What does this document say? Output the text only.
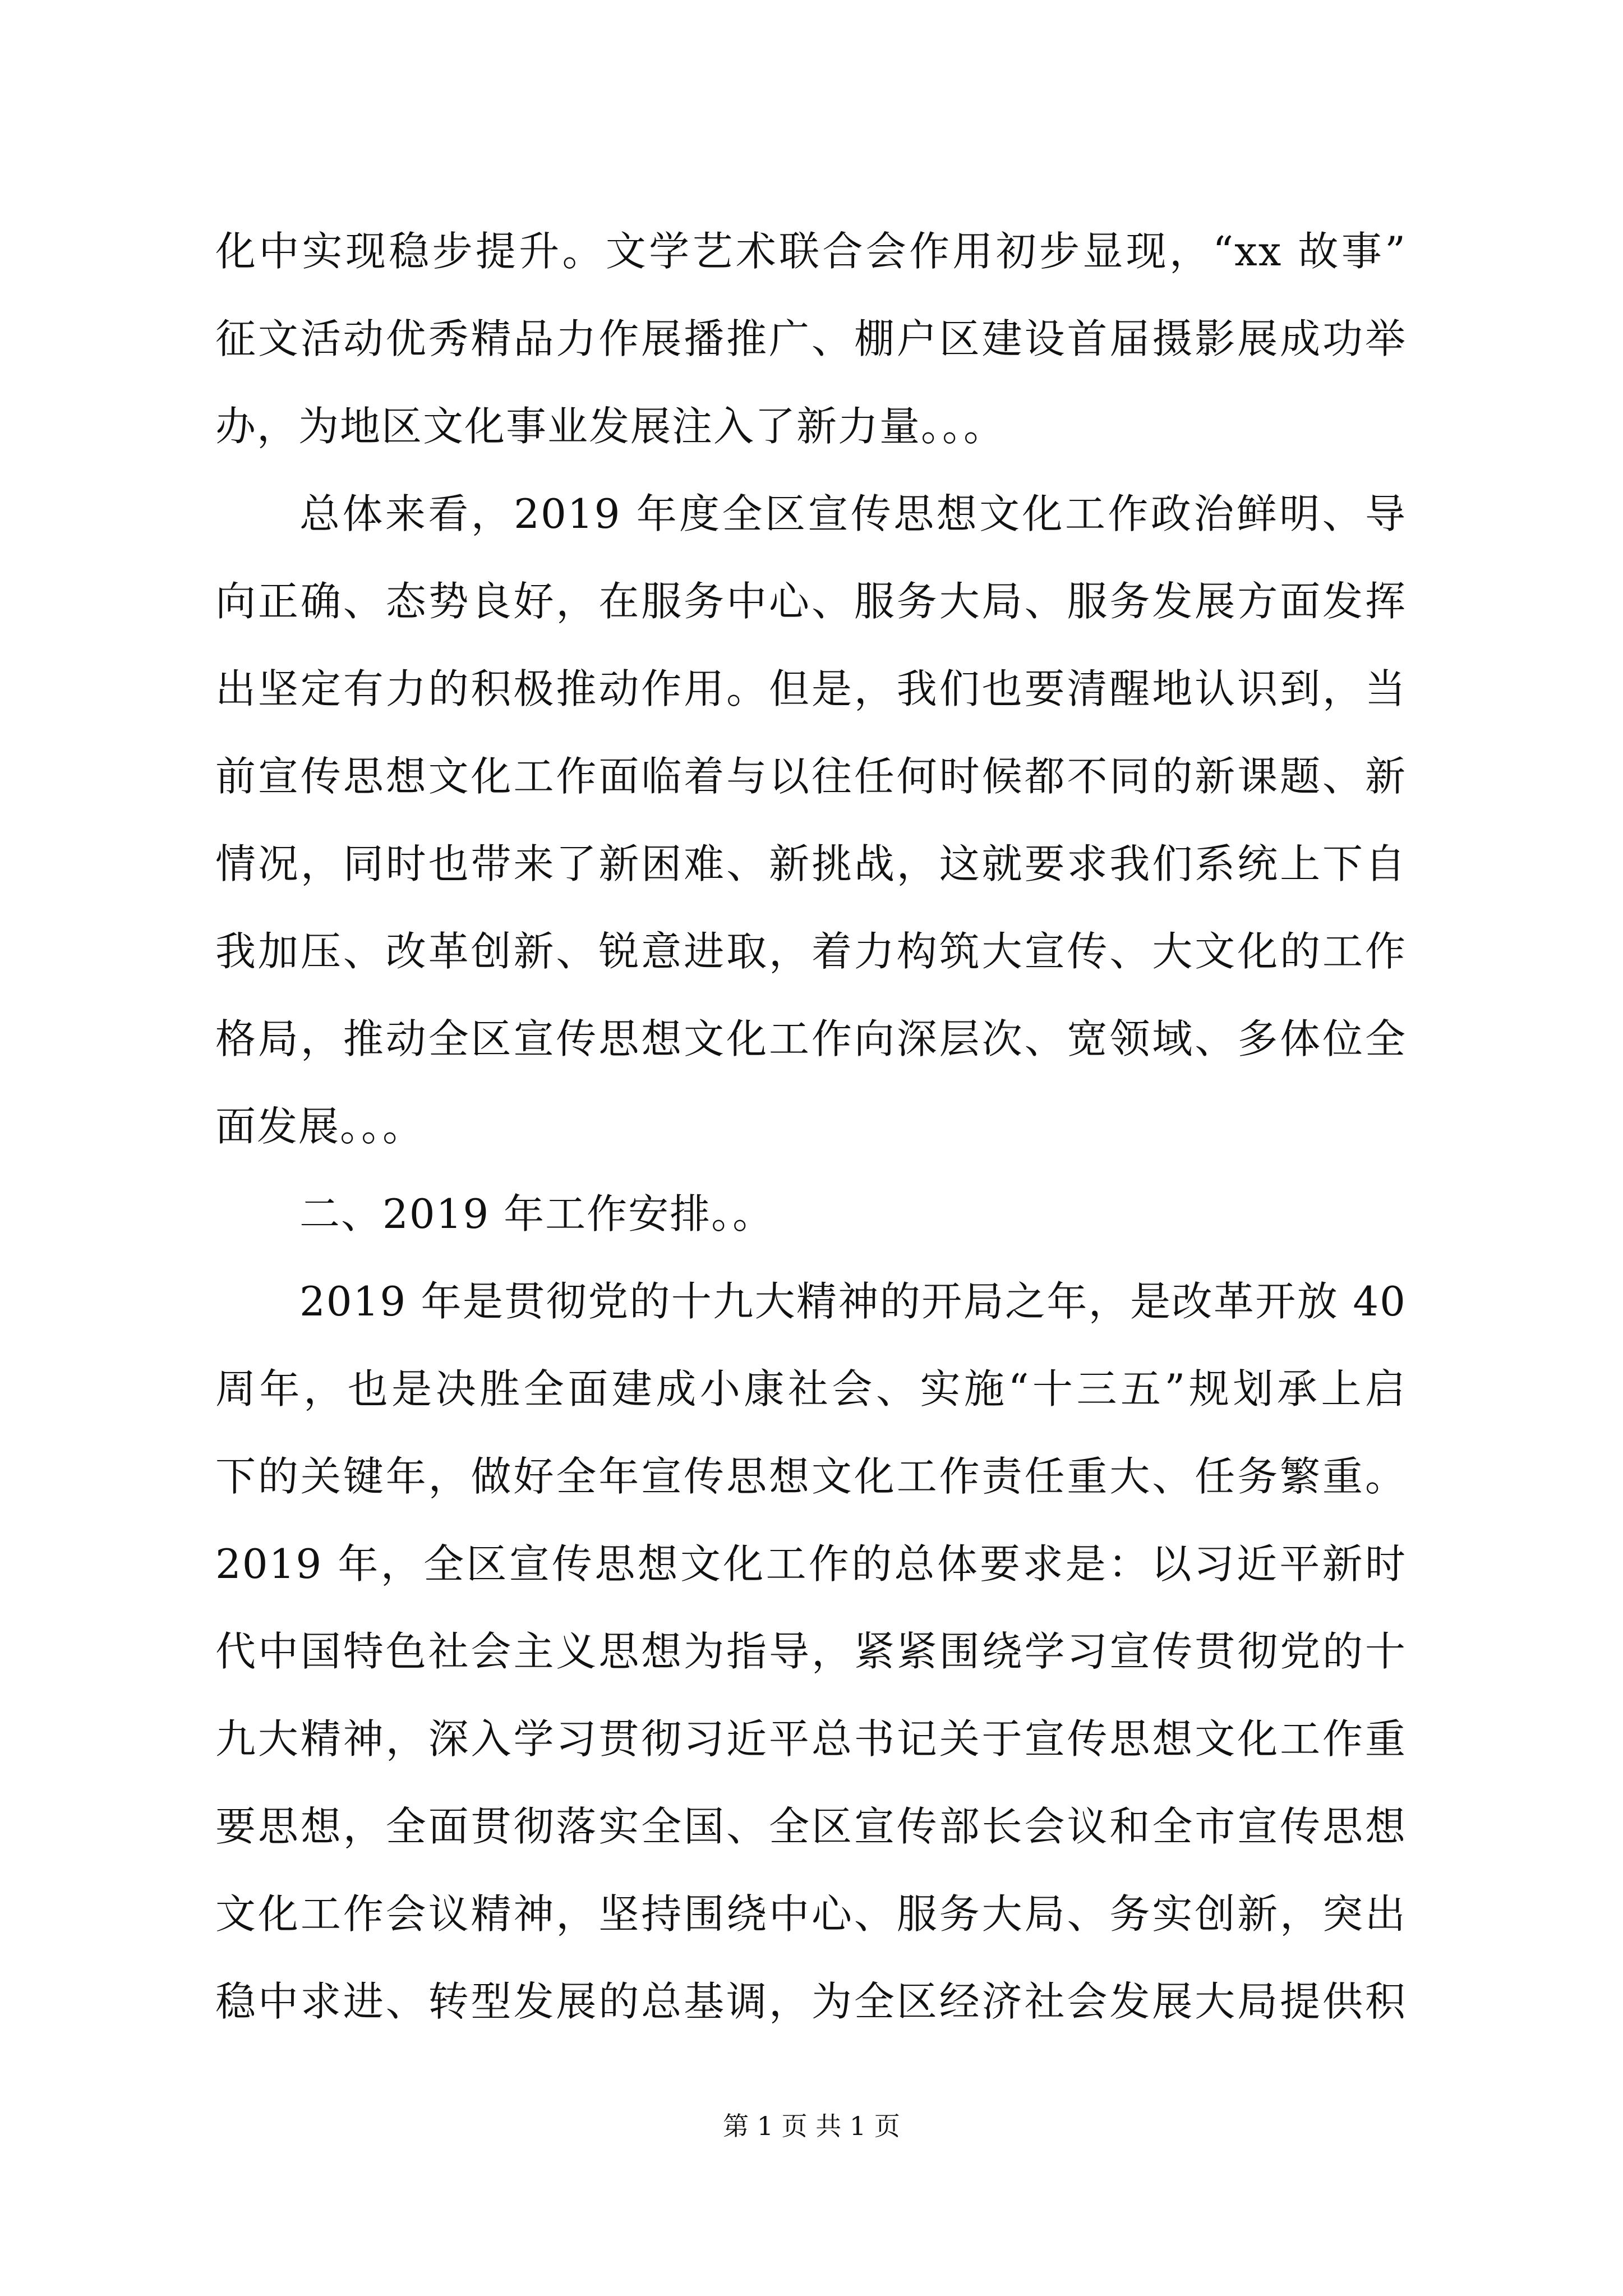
化中实现稳步提升。文学艺术联合会作用初步显现，“xx 故事”
征文活动优秀精品力作展播推广、棚户区建设首届摄影展成功举
办，为地区文化事业发展注入了新力量。。。
总体来看，2019 年度全区宣传思想文化工作政治鲜明、导
向正确、态势良好，在服务中心、服务大局、服务发展方面发挥
出坚定有力的积极推动作用。但是，我们也要清醒地认识到，当
前宣传思想文化工作面临着与以往任何时候都不同的新课题、新
情况，同时也带来了新困难、新挑战，这就要求我们系统上下自
我加压、改革创新、锐意进取，着力构筑大宣传、大文化的工作
格局，推动全区宣传思想文化工作向深层次、宽领域、多体位全
面发展。。。
二、2019 年工作安排。。
2019 年是贯彻党的十九大精神的开局之年，是改革开放 40
周年，也是决胜全面建成小康社会、实施“十三五”规划承上启
下的关键年，做好全年宣传思想文化工作责任重大、任务繁重。
2019 年，全区宣传思想文化工作的总体要求是：以习近平新时
代中国特色社会主义思想为指导，紧紧围绕学习宣传贯彻党的十
九大精神，深入学习贯彻习近平总书记关于宣传思想文化工作重
要思想，全面贯彻落实全国、全区宣传部长会议和全市宣传思想
文化工作会议精神，坚持围绕中心、服务大局、务实创新，突出
稳中求进、转型发展的总基调，为全区经济社会发展大局提供积
第 1 页 共 1 页
